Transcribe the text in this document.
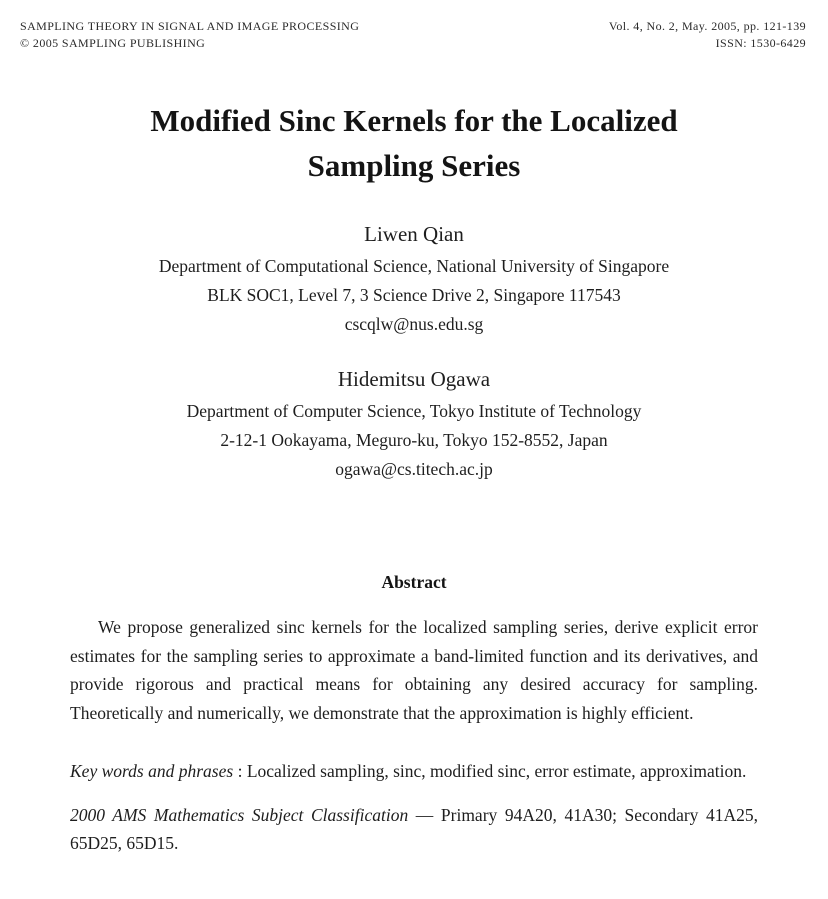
SAMPLING THEORY IN SIGNAL AND IMAGE PROCESSING
© 2005 SAMPLING PUBLISHING
Vol. 4, No. 2, May. 2005, pp. 121-139
ISSN: 1530-6429
Modified Sinc Kernels for the Localized
Sampling Series
Liwen Qian
Department of Computational Science, National University of Singapore
BLK SOC1, Level 7, 3 Science Drive 2, Singapore 117543
cscqlw@nus.edu.sg
Hidemitsu Ogawa
Department of Computer Science, Tokyo Institute of Technology
2-12-1 Ookayama, Meguro-ku, Tokyo 152-8552, Japan
ogawa@cs.titech.ac.jp
Abstract

We propose generalized sinc kernels for the localized sampling series, derive explicit error estimates for the sampling series to approximate a band-limited function and its derivatives, and provide rigorous and practical means for obtaining any desired accuracy for sampling. Theoretically and numerically, we demonstrate that the approximation is highly efficient.

Key words and phrases : Localized sampling, sinc, modified sinc, error estimate, approximation.

2000 AMS Mathematics Subject Classification — Primary 94A20, 41A30; Secondary 41A25, 65D25, 65D15.
